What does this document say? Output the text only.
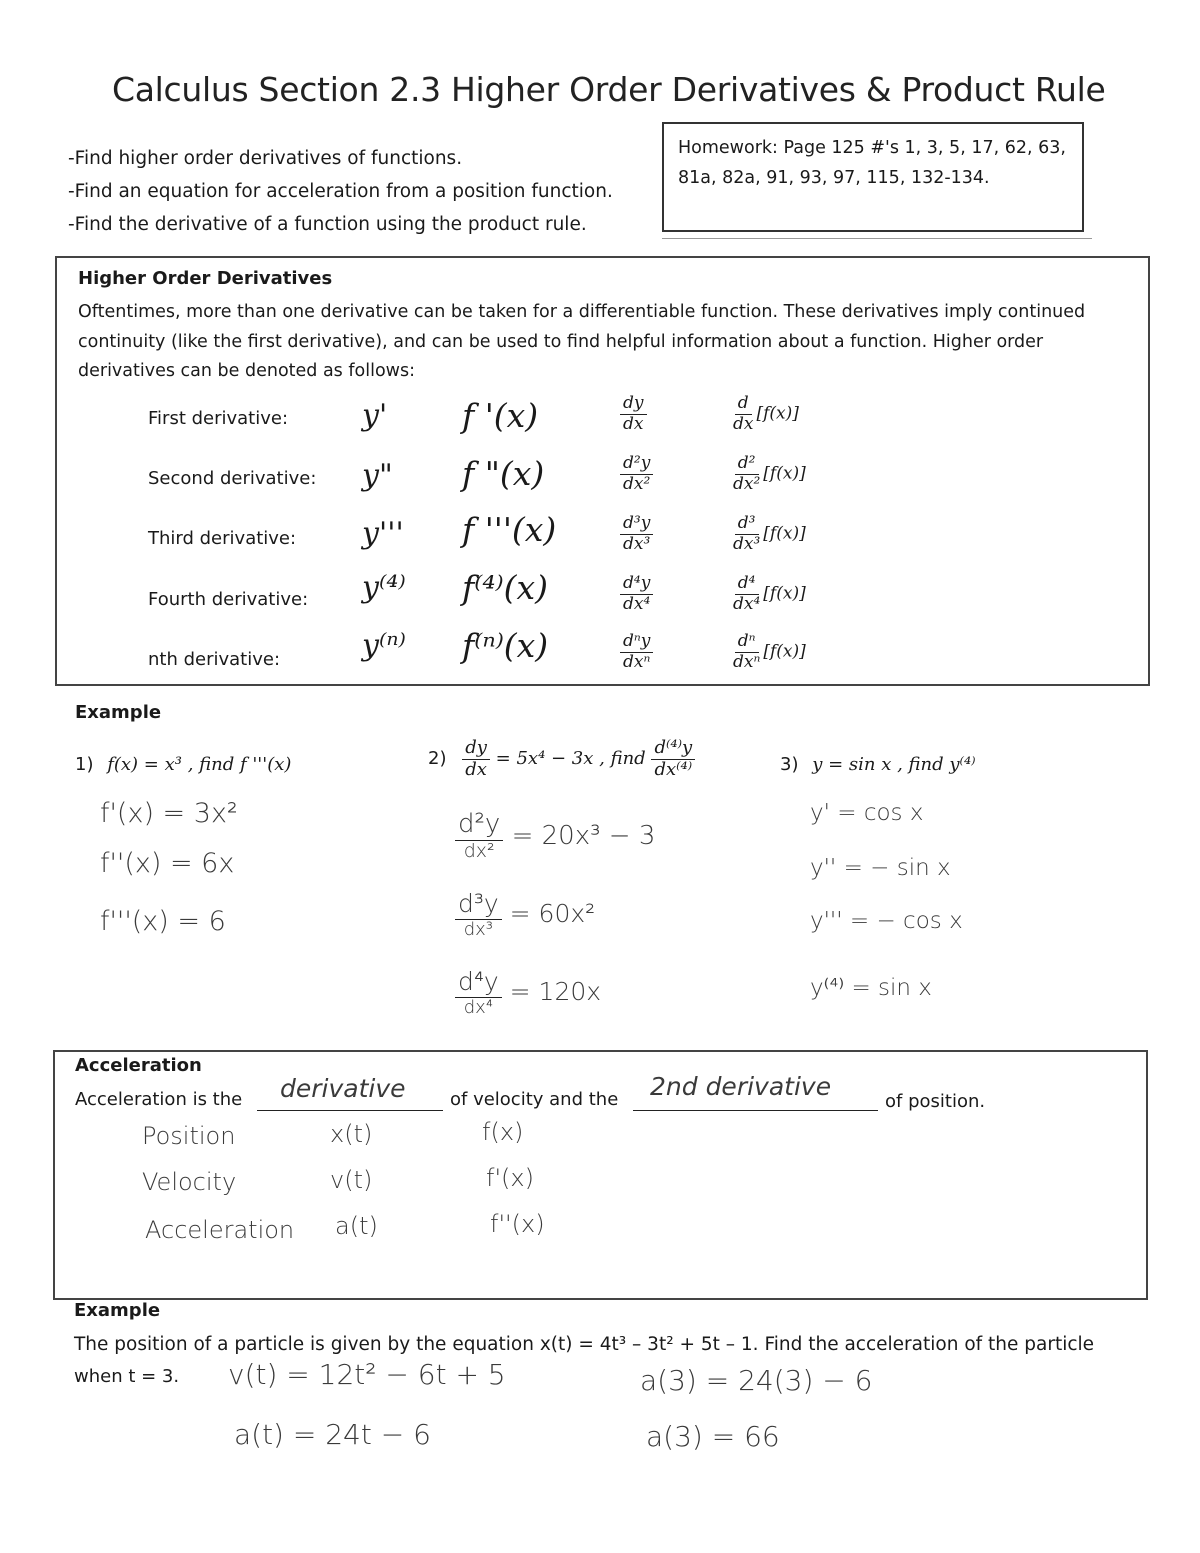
Calculus Section 2.3 Higher Order Derivatives & Product Rule
-Find higher order derivatives of functions.
-Find an equation for acceleration from a position function.
-Find the derivative of a function using the product rule.
Homework: Page 125 #'s 1, 3, 5, 17, 62, 63,
81a, 82a, 91, 93, 97, 115, 132-134.
Higher Order Derivatives
Oftentimes, more than one derivative can be taken for a differentiable function. These derivatives imply continued continuity (like the first derivative), and can be used to find helpful information about a function. Higher order derivatives can be denoted as follows:
First derivative: y' f '(x)	$\frac{dy}{dx}$	$\frac{d}{dx} [f(x)]$
Second derivative: y" f "(x)	$\frac{\text{d²y}}{\text{dx²}}$	$\frac{\text{d²}}{\text{dx²}} [f(x)]$
Third derivative: y''' f '''(x)	$\frac{\text{d³y}}{\text{dx³}}$	$\frac{\text{d³}}{\text{dx³}} [f(x)]$
Fourth derivative: y⁽⁴⁾ f⁽⁴⁾(x)	$\frac{\text{d⁴y}}{\text{dx⁴}}$	$\frac{\text{d⁴}}{\text{dx⁴}} [f(x)]$
nth derivative:	y⁽ⁿ⁾ f⁽ⁿ⁾(x)	$\frac{\text{dⁿy}}{\text{dxⁿ}}$	$\frac{\text{dⁿ}}{\text{dxⁿ}} [f(x)]$
Example
1) f(x) = x³ , find f '''(x)
f'(x) = 3x²
f''(x) = 6x
f'''(x) = 6
$2) \frac{dy}{dx} = 5x^4 - 3x$ , find $\frac{\text{d⁽⁴⁾y}}{\text{dx⁽⁴⁾}}$
$\frac{\text{d²y}}{\text{dx²}} = 20x^3 - 3$
$\frac{\text{d³y}}{\text{dx³}} = 60x^2$
$\frac{\text{d⁴y}}{\text{dx⁴}} = 120x$
3) y = sin x , find y⁽⁴⁾
y' = cos x
y'' = − sin x
y''' = − cos x
y⁽⁴⁾ = sin x
Acceleration
Acceleration is the derivative of velocity and the 2nd derivative
of position.
Position	x(t)	f(x)
Velocity	v(t)	f'(x)
Acceleration a(t)	f''(x)
Example
The position of a particle is given by the equation x(t) = 4t³ – 3t² + 5t – 1. Find the acceleration of the particle
when t = 3. v(t) = 12t² − 6t + 5
a(t) = 24t − 6
a(3) = 24(3) − 6
a(3) = 66
